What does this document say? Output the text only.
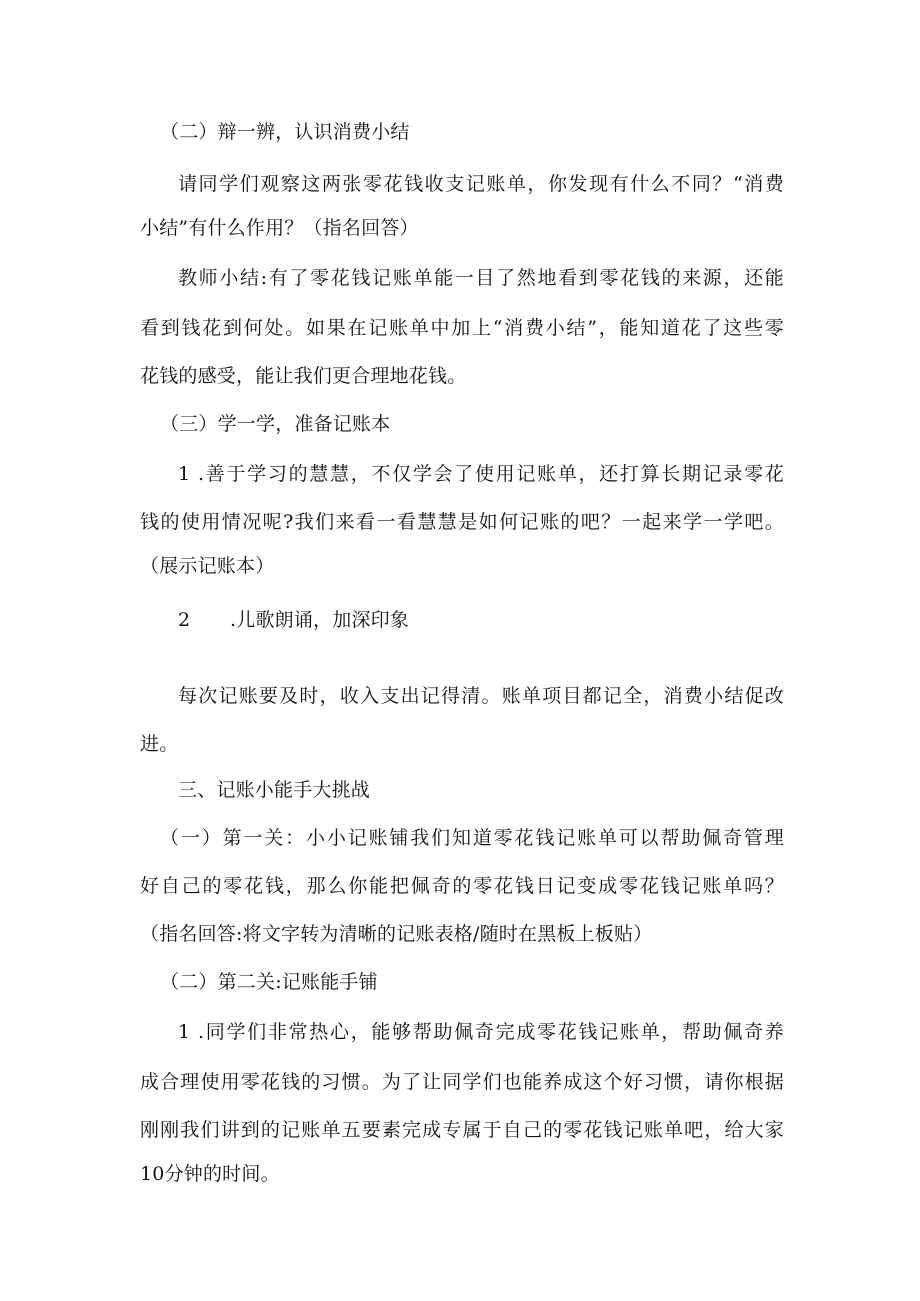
（二）辩一辨，认识消费小结
请同学们观察这两张零花钱收支记账单，你发现有什么不同？“消费
小结”有什么作用？（指名回答）
教师小结:有了零花钱记账单能一目了然地看到零花钱的来源，还能
看到钱花到何处。如果在记账单中加上“消费小结”，能知道花了这些零
花钱的感受，能让我们更合理地花钱。
（三）学一学，准备记账本
1 .善于学习的慧慧，不仅学会了使用记账单，还打算长期记录零花
钱的使用情况呢?我们来看一看慧慧是如何记账的吧？一起来学一学吧。
（展示记账本）
2 .儿歌朗诵，加深印象
每次记账要及时，收入支出记得清。账单项目都记全，消费小结促改
进。
三、记账小能手大挑战
（一）第一关：小小记账铺我们知道零花钱记账单可以帮助佩奇管理
好自己的零花钱，那么你能把佩奇的零花钱日记变成零花钱记账单吗？
（指名回答:将文字转为清晰的记账表格/随时在黑板上板贴）
（二）第二关:记账能手铺
1 .同学们非常热心，能够帮助佩奇完成零花钱记账单，帮助佩奇养
成合理使用零花钱的习惯。为了让同学们也能养成这个好习惯，请你根据
刚刚我们讲到的记账单五要素完成专属于自己的零花钱记账单吧，给大家
10分钟的时间。
